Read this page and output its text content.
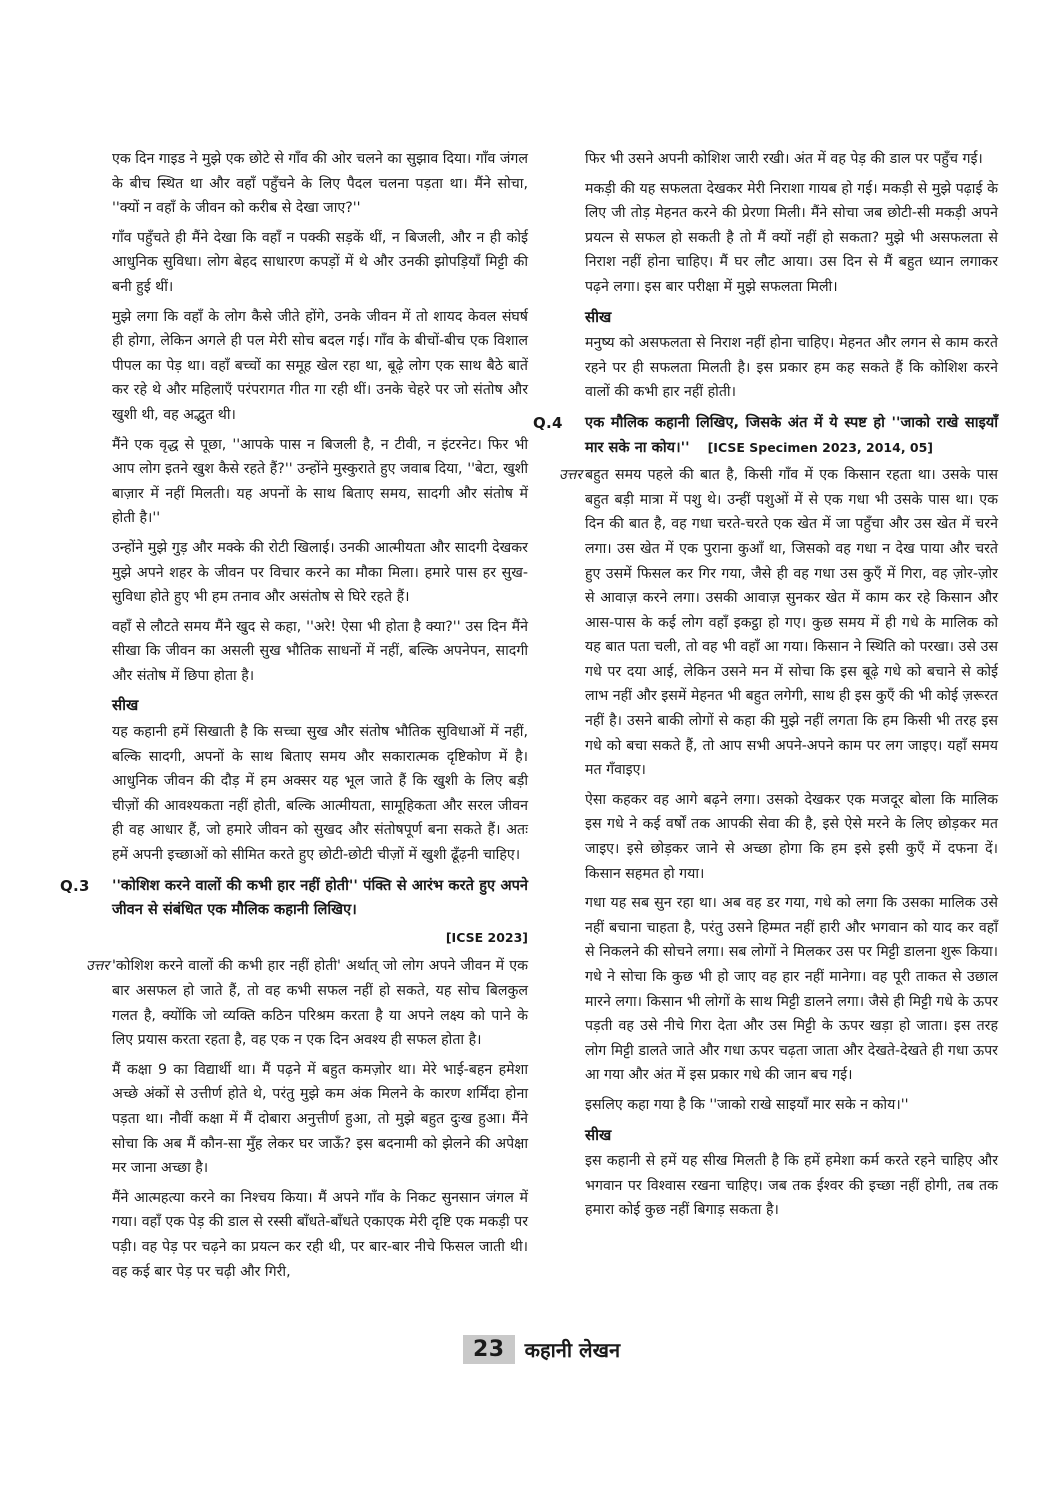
एक दिन गाइड ने मुझे एक छोटे से गाँव की ओर चलने का सुझाव दिया। गाँव जंगल के बीच स्थित था और वहाँ पहुँचने के लिए पैदल चलना पड़ता था। मैंने सोचा, ''क्यों न वहाँ के जीवन को करीब से देखा जाए?''

गाँव पहुँचते ही मैंने देखा कि वहाँ न पक्की सड़कें थीं, न बिजली, और न ही कोई आधुनिक सुविधा। लोग बेहद साधारण कपड़ों में थे और उनकी झोपड़ियाँ मिट्टी की बनी हुई थीं।

मुझे लगा कि वहाँ के लोग कैसे जीते होंगे, उनके जीवन में तो शायद केवल संघर्ष ही होगा, लेकिन अगले ही पल मेरी सोच बदल गई। गाँव के बीचों-बीच एक विशाल पीपल का पेड़ था। वहाँ बच्चों का समूह खेल रहा था, बूढ़े लोग एक साथ बैठे बातें कर रहे थे और महिलाएँ परंपरागत गीत गा रही थीं। उनके चेहरे पर जो संतोष और खुशी थी, वह अद्भुत थी।

मैंने एक वृद्ध से पूछा, ''आपके पास न बिजली है, न टीवी, न इंटरनेट। फिर भी आप लोग इतने खुश कैसे रहते हैं?'' उन्होंने मुस्कुराते हुए जवाब दिया, ''बेटा, खुशी बाज़ार में नहीं मिलती। यह अपनों के साथ बिताए समय, सादगी और संतोष में होती है।''

उन्होंने मुझे गुड़ और मक्के की रोटी खिलाई। उनकी आत्मीयता और सादगी देखकर मुझे अपने शहर के जीवन पर विचार करने का मौका मिला। हमारे पास हर सुख-सुविधा होते हुए भी हम तनाव और असंतोष से घिरे रहते हैं।

वहाँ से लौटते समय मैंने खुद से कहा, ''अरे! ऐसा भी होता है क्या?'' उस दिन मैंने सीखा कि जीवन का असली सुख भौतिक साधनों में नहीं, बल्कि अपनेपन, सादगी और संतोष में छिपा होता है।

सीख

यह कहानी हमें सिखाती है कि सच्चा सुख और संतोष भौतिक सुविधाओं में नहीं, बल्कि सादगी, अपनों के साथ बिताए समय और सकारात्मक दृष्टिकोण में है। आधुनिक जीवन की दौड़ में हम अक्सर यह भूल जाते हैं कि खुशी के लिए बड़ी चीज़ों की आवश्यकता नहीं होती, बल्कि आत्मीयता, सामूहिकता और सरल जीवन ही वह आधार हैं, जो हमारे जीवन को सुखद और संतोषपूर्ण बना सकते हैं। अतः हमें अपनी इच्छाओं को सीमित करते हुए छोटी-छोटी चीज़ों में खुशी ढूँढ़नी चाहिए।

Q.3 ''कोशिश करने वालों की कभी हार नहीं होती'' पंक्ति से आरंभ करते हुए अपने जीवन से संबंधित एक मौलिक कहानी लिखिए।

[ICSE 2023]

उत्तर 'कोशिश करने वालों की कभी हार नहीं होती' अर्थात् जो लोग अपने जीवन में एक बार असफल हो जाते हैं, तो वह कभी सफल नहीं हो सकते, यह सोच बिलकुल गलत है, क्योंकि जो व्यक्ति कठिन परिश्रम करता है या अपने लक्ष्य को पाने के लिए प्रयास करता रहता है, वह एक न एक दिन अवश्य ही सफल होता है।

मैं कक्षा 9 का विद्यार्थी था। मैं पढ़ने में बहुत कमज़ोर था। मेरे भाई-बहन हमेशा अच्छे अंकों से उत्तीर्ण होते थे, परंतु मुझे कम अंक मिलने के कारण शर्मिंदा होना पड़ता था। नौवीं कक्षा में मैं दोबारा अनुत्तीर्ण हुआ, तो मुझे बहुत दुःख हुआ। मैंने सोचा कि अब मैं कौन-सा मुँह लेकर घर जाऊँ? इस बदनामी को झेलने की अपेक्षा मर जाना अच्छा है।

मैंने आत्महत्या करने का निश्चय किया। मैं अपने गाँव के निकट सुनसान जंगल में गया। वहाँ एक पेड़ की डाल से रस्सी बाँधते-बाँधते एकाएक मेरी दृष्टि एक मकड़ी पर पड़ी। वह पेड़ पर चढ़ने का प्रयत्न कर रही थी, पर बार-बार नीचे फिसल जाती थी। वह कई बार पेड़ पर चढ़ी और गिरी,

फिर भी उसने अपनी कोशिश जारी रखी। अंत में वह पेड़ की डाल पर पहुँच गई।

मकड़ी की यह सफलता देखकर मेरी निराशा गायब हो गई। मकड़ी से मुझे पढ़ाई के लिए जी तोड़ मेहनत करने की प्रेरणा मिली। मैंने सोचा जब छोटी-सी मकड़ी अपने प्रयत्न से सफल हो सकती है तो मैं क्यों नहीं हो सकता? मुझे भी असफलता से निराश नहीं होना चाहिए। मैं घर लौट आया। उस दिन से मैं बहुत ध्यान लगाकर पढ़ने लगा। इस बार परीक्षा में मुझे सफलता मिली।

सीख

मनुष्य को असफलता से निराश नहीं होना चाहिए। मेहनत और लगन से काम करते रहने पर ही सफलता मिलती है। इस प्रकार हम कह सकते हैं कि कोशिश करने वालों की कभी हार नहीं होती।

Q.4 एक मौलिक कहानी लिखिए, जिसके अंत में ये स्पष्ट हो ''जाको राखे साइयाँ मार सके ना कोय।'' [ICSE Specimen 2023, 2014, 05]

उत्तर बहुत समय पहले की बात है, किसी गाँव में एक किसान रहता था। उसके पास बहुत बड़ी मात्रा में पशु थे। उन्हीं पशुओं में से एक गधा भी उसके पास था। एक दिन की बात है, वह गधा चरते-चरते एक खेत में जा पहुँचा और उस खेत में चरने लगा। उस खेत में एक पुराना कुआँ था, जिसको वह गधा न देख पाया और चरते हुए उसमें फिसल कर गिर गया, जैसे ही वह गधा उस कुएँ में गिरा, वह ज़ोर-ज़ोर से आवाज़ करने लगा। उसकी आवाज़ सुनकर खेत में काम कर रहे किसान और आस-पास के कई लोग वहाँ इकट्ठा हो गए। कुछ समय में ही गधे के मालिक को यह बात पता चली, तो वह भी वहाँ आ गया। किसान ने स्थिति को परखा। उसे उस गधे पर दया आई, लेकिन उसने मन में सोचा कि इस बूढ़े गधे को बचाने से कोई लाभ नहीं और इसमें मेहनत भी बहुत लगेगी, साथ ही इस कुएँ की भी कोई ज़रूरत नहीं है। उसने बाकी लोगों से कहा की मुझे नहीं लगता कि हम किसी भी तरह इस गधे को बचा सकते हैं, तो आप सभी अपने-अपने काम पर लग जाइए। यहाँ समय मत गँवाइए।

ऐसा कहकर वह आगे बढ़ने लगा। उसको देखकर एक मजदूर बोला कि मालिक इस गधे ने कई वर्षों तक आपकी सेवा की है, इसे ऐसे मरने के लिए छोड़कर मत जाइए। इसे छोड़कर जाने से अच्छा होगा कि हम इसे इसी कुएँ में दफना दें। किसान सहमत हो गया।

गधा यह सब सुन रहा था। अब वह डर गया, गधे को लगा कि उसका मालिक उसे नहीं बचाना चाहता है, परंतु उसने हिम्मत नहीं हारी और भगवान को याद कर वहाँ से निकलने की सोचने लगा। सब लोगों ने मिलकर उस पर मिट्टी डालना शुरू किया। गधे ने सोचा कि कुछ भी हो जाए वह हार नहीं मानेगा। वह पूरी ताकत से उछाल मारने लगा। किसान भी लोगों के साथ मिट्टी डालने लगा। जैसे ही मिट्टी गधे के ऊपर पड़ती वह उसे नीचे गिरा देता और उस मिट्टी के ऊपर खड़ा हो जाता। इस तरह लोग मिट्टी डालते जाते और गधा ऊपर चढ़ता जाता और देखते-देखते ही गधा ऊपर आ गया और अंत में इस प्रकार गधे की जान बच गई।

इसलिए कहा गया है कि ''जाको राखे साइयाँ मार सके न कोय।''

सीख

इस कहानी से हमें यह सीख मिलती है कि हमें हमेशा कर्म करते रहने चाहिए और भगवान पर विश्वास रखना चाहिए। जब तक ईश्वर की इच्छा नहीं होगी, तब तक हमारा कोई कुछ नहीं बिगाड़ सकता है।

23	कहानी लेखन
